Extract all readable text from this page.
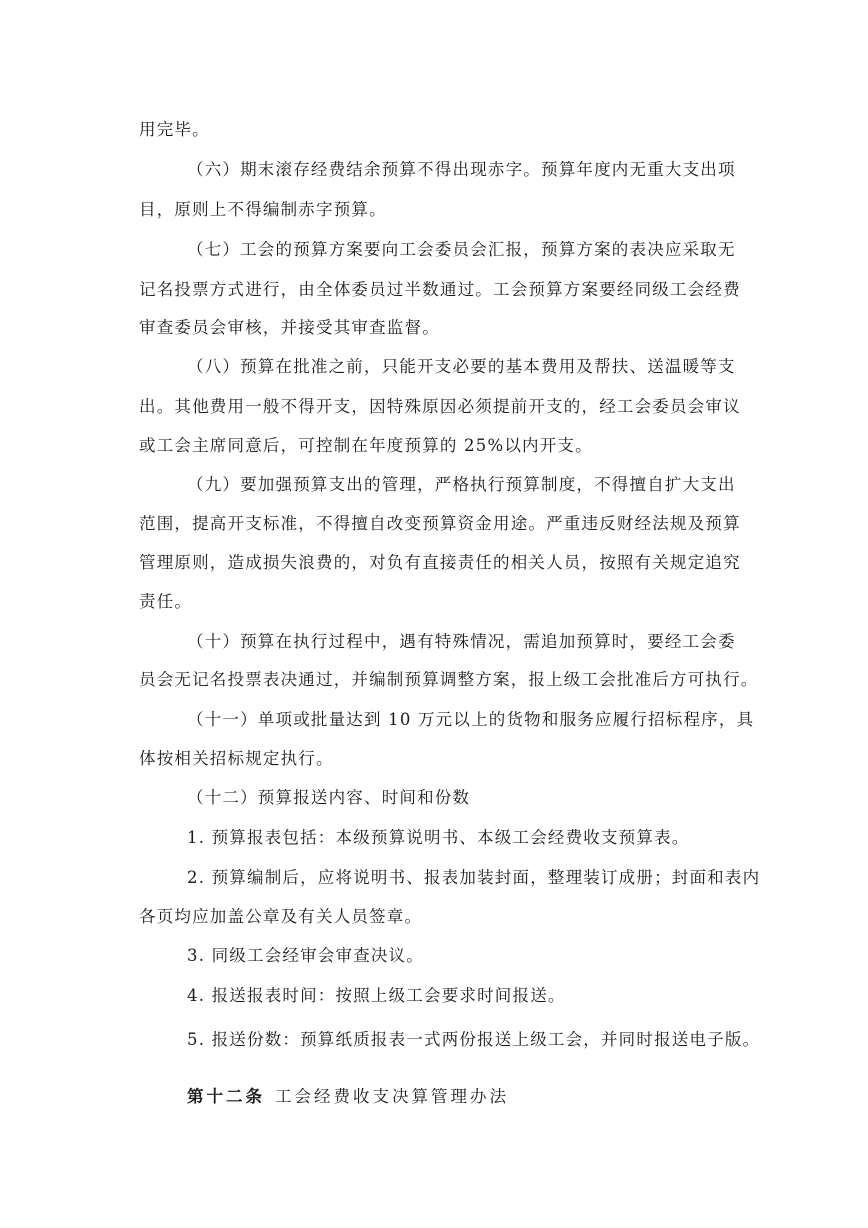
用完毕。
（六）期末滚存经费结余预算不得出现赤字。预算年度内无重大支出项
目，原则上不得编制赤字预算。
（七）工会的预算方案要向工会委员会汇报，预算方案的表决应采取无
记名投票方式进行，由全体委员过半数通过。工会预算方案要经同级工会经费
审查委员会审核，并接受其审查监督。
（八）预算在批准之前，只能开支必要的基本费用及帮扶、送温暖等支
出。其他费用一般不得开支，因特殊原因必须提前开支的，经工会委员会审议
或工会主席同意后，可控制在年度预算的 25%以内开支。
（九）要加强预算支出的管理，严格执行预算制度，不得擅自扩大支出
范围，提高开支标准，不得擅自改变预算资金用途。严重违反财经法规及预算
管理原则，造成损失浪费的，对负有直接责任的相关人员，按照有关规定追究
责任。
（十）预算在执行过程中，遇有特殊情况，需追加预算时，要经工会委
员会无记名投票表决通过，并编制预算调整方案，报上级工会批准后方可执行。
（十一）单项或批量达到 10 万元以上的货物和服务应履行招标程序，具
体按相关招标规定执行。
（十二）预算报送内容、时间和份数
1. 预算报表包括：本级预算说明书、本级工会经费收支预算表。
2. 预算编制后，应将说明书、报表加装封面，整理装订成册；封面和表内
各页均应加盖公章及有关人员签章。
3. 同级工会经审会审查决议。
4. 报送报表时间：按照上级工会要求时间报送。
5. 报送份数：预算纸质报表一式两份报送上级工会，并同时报送电子版。
第十二条 工会经费收支决算管理办法
